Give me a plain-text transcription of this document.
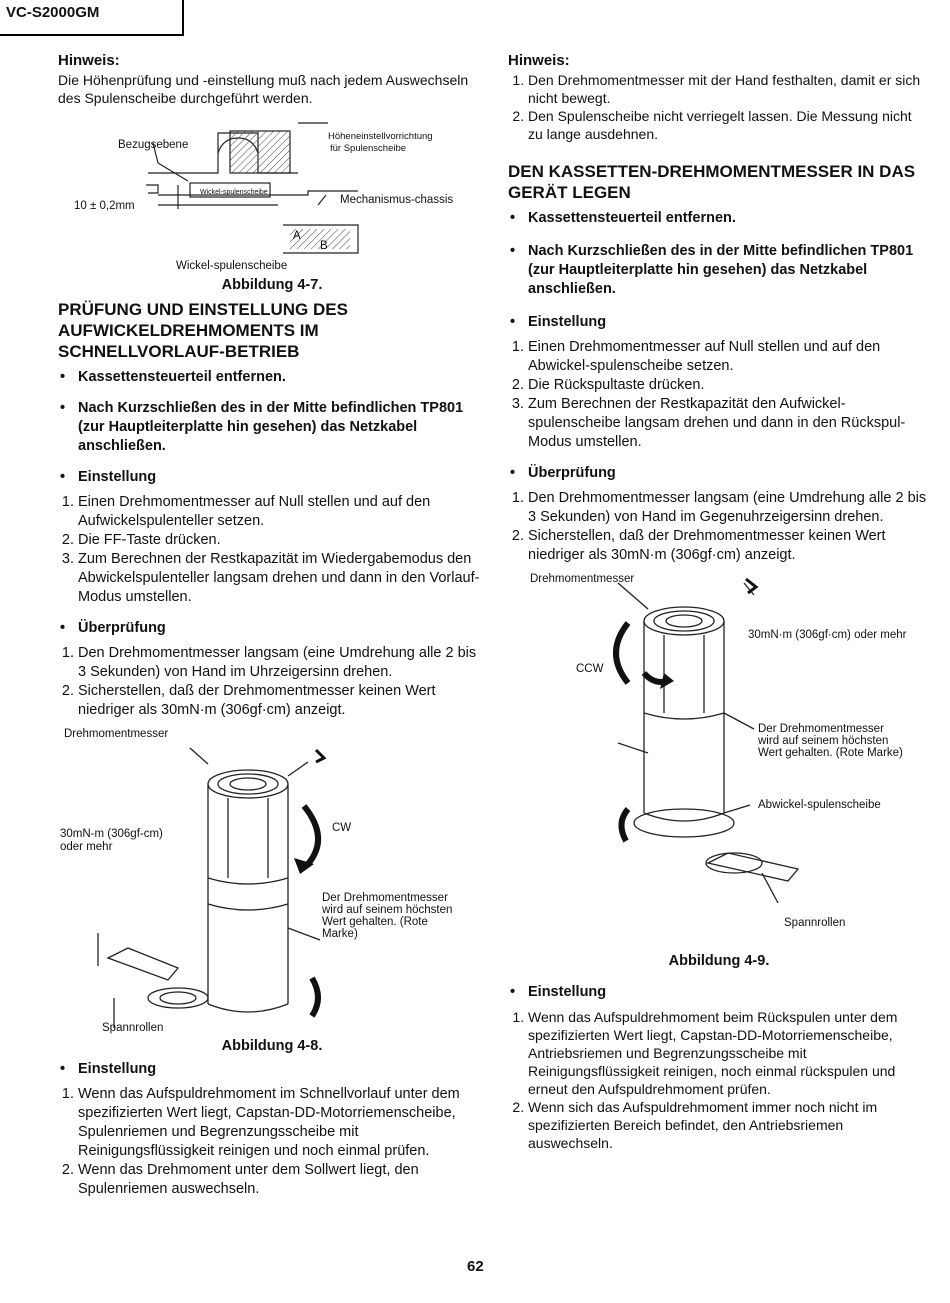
VC-S2000GM
Hinweis:

Die Höhenprüfung und -einstellung muß nach jedem Auswechseln des Spulenscheibe durchgeführt werden.

Bezugsebene
Höheneinstellvorrichtung
für Spulenscheibe
10 ± 0,2mm
Wickel-spulenscheibe
Mechanismus-chassis
A
B
Wickel-spulenscheibe
Abbildung 4-7.
PRÜFUNG UND EINSTELLUNG DES AUFWICKELDREHMOMENTS IM SCHNELLVORLAUF-BETRIEB
• Kassettensteuerteil entfernen.
• Nach Kurzschließen des in der Mitte befindlichen TP801 (zur Hauptleiterplatte hin gesehen) das Netzkabel anschließen.
• Einstellung
1. Einen Drehmomentmesser auf Null stellen und auf den Aufwickelspulenteller setzen.
2. Die FF-Taste drücken.
3. Zum Berechnen der Restkapazität im Wiedergabemodus den Abwickelspulenteller langsam drehen und dann in den Vorlauf-Modus umstellen.
• Überprüfung
1. Den Drehmomentmesser langsam (eine Umdrehung alle 2 bis 3 Sekunden) von Hand im Uhrzeigersinn drehen.
2. Sicherstellen, daß der Drehmomentmesser keinen Wert niedriger als 30mN·m (306gf·cm) anzeigt.
Drehmomentmesser
30mN-m (306gf-cm)
oder mehr
CW
Der Drehmomentmesser
wird auf seinem höchsten
Wert gehalten. (Rote
Marke)
Spannrollen
Abbildung 4-8.
• Einstellung
1. Wenn das Aufspuldrehmoment im Schnellvorlauf unter dem spezifizierten Wert liegt, Capstan-DD-Motorriemenscheibe, Spulenriemen und Begrenzungsscheibe mit Reinigungsflüssigkeit reinigen und noch einmal prüfen.
2. Wenn das Drehmoment unter dem Sollwert liegt, den Spulenriemen auswechseln.
Hinweis:
1. Den Drehmomentmesser mit der Hand festhalten, damit er sich nicht bewegt.
2. Den Spulenscheibe nicht verriegelt lassen. Die Messung nicht zu lange ausdehnen.
DEN KASSETTEN-DREHMOMENTMESSER IN DAS GERÄT LEGEN
• Kassettensteuerteil entfernen.
• Nach Kurzschließen des in der Mitte befindlichen TP801 (zur Hauptleiterplatte hin gesehen) das Netzkabel anschließen.
• Einstellung
1. Einen Drehmomentmesser auf Null stellen und auf den Abwickel-spulenscheibe setzen.
2. Die Rückspultaste drücken.
3. Zum Berechnen der Restkapazität den Aufwickel-spulenscheibe langsam drehen und dann in den Rückspul-Modus umstellen.
• Überprüfung
1. Den Drehmomentmesser langsam (eine Umdrehung alle 2 bis 3 Sekunden) von Hand im Gegenuhrzeigersinn drehen.
2. Sicherstellen, daß der Drehmomentmesser keinen Wert niedriger als 30mN·m (306gf·cm) anzeigt.
Drehmomentmesser
30mN·m (306gf·cm) oder mehr
CCW
Der Drehmomentmesser
wird auf seinem höchsten
Wert gehalten. (Rote Marke)
Abwickel-spulenscheibe
Spannrollen
Abbildung 4-9.
• Einstellung
1. Wenn das Aufspuldrehmoment beim Rückspulen unter dem spezifizierten Wert liegt, Capstan-DD-Motorriemenscheibe, Antriebsriemen und Begrenzungsscheibe mit Reinigungsflüssigkeit reinigen, noch einmal rückspulen und erneut den Aufspuldrehmoment prüfen.
2. Wenn sich das Aufspuldrehmoment immer noch nicht im spezifizierten Bereich befindet, den Antriebsriemen auswechseln.
62
